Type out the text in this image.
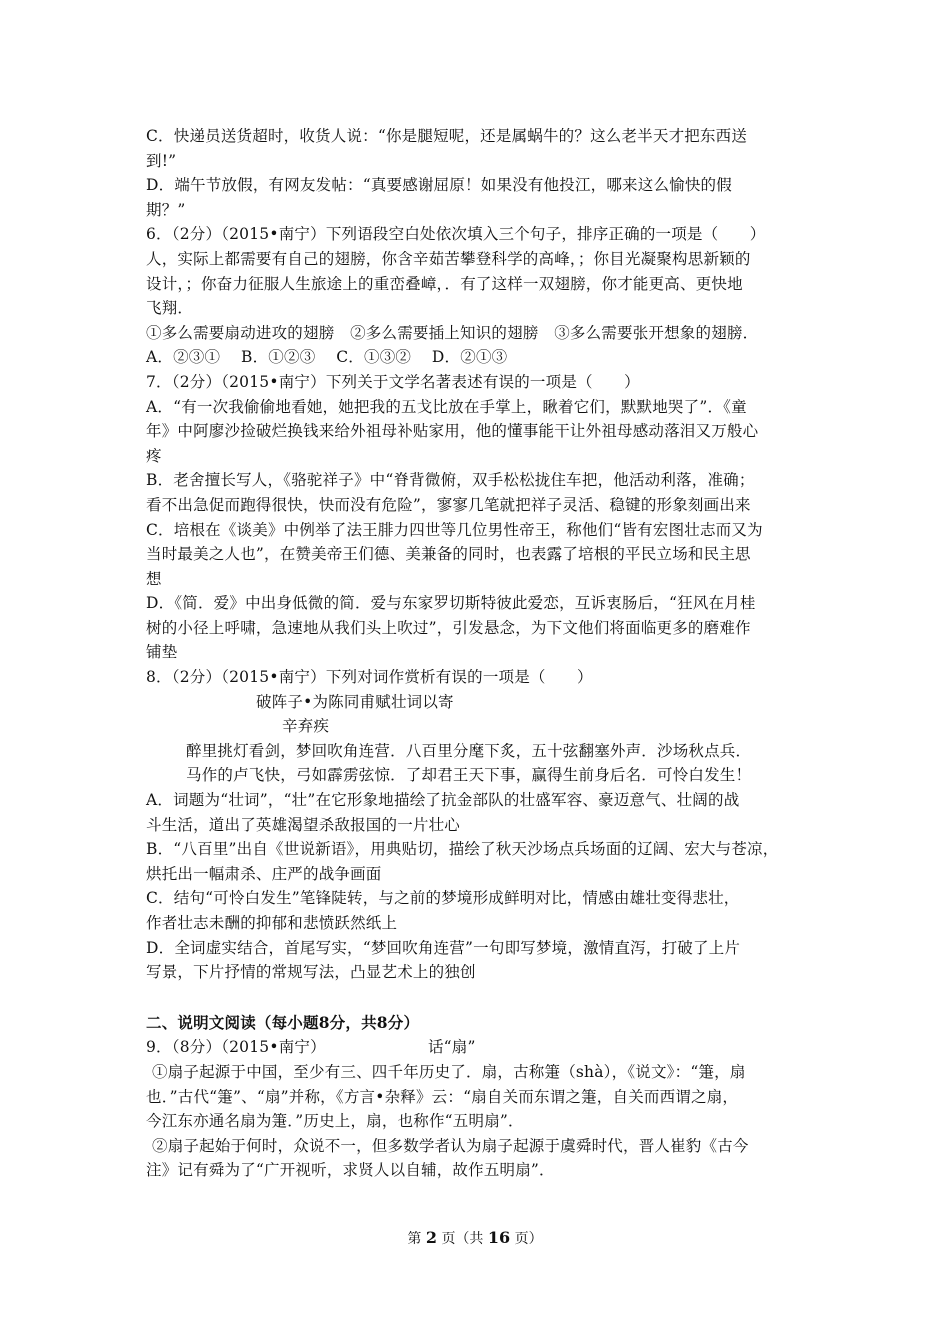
C．快递员送货超时，收货人说：“你是腿短呢，还是属蜗牛的？这么老半天才把东西送
到!”
D．端午节放假，有网友发帖：“真要感谢屈原！如果没有他投江，哪来这么愉快的假
期？”
6．（2分）（2015•南宁）下列语段空白处依次填入三个句子，排序正确的一项是（　　）
人，实际上都需要有自己的翅膀，你含辛茹苦攀登科学的高峰，；你目光凝聚构思新颖的
设计，；你奋力征服人生旅途上的重峦叠嶂，．有了这样一双翅膀，你才能更高、更快地
飞翔．
①多么需要扇动进攻的翅膀　②多么需要插上知识的翅膀　③多么需要张开想象的翅膀．
A．②③①　 B．①②③　 C．①③②　 D．②①③
7．（2分）（2015•南宁）下列关于文学名著表述有误的一项是（　　）
A．“有一次我偷偷地看她，她把我的五戈比放在手掌上，瞅着它们，默默地哭了”．《童
年》中阿廖沙捡破烂换钱来给外祖母补贴家用，他的懂事能干让外祖母感动落泪又万般心
疼
B．老舍擅长写人，《骆驼祥子》中“脊背微俯，双手松松拢住车把，他活动利落，准确；
看不出急促而跑得很快，快而没有危险”，寥寥几笔就把祥子灵活、稳键的形象刻画出来
C．培根在《谈美》中例举了法王腓力四世等几位男性帝王，称他们“皆有宏图壮志而又为
当时最美之人也”，在赞美帝王们德、美兼备的同时，也表露了培根的平民立场和民主思
想
D．《简．爱》中出身低微的简．爱与东家罗切斯特彼此爱恋，互诉衷肠后，“狂风在月桂
树的小径上呼啸，急速地从我们头上吹过”，引发悬念，为下文他们将面临更多的磨难作
铺垫
8．（2分）（2015•南宁）下列对词作赏析有误的一项是（　　）
破阵子•为陈同甫赋壮词以寄
辛弃疾
醉里挑灯看剑，梦回吹角连营．八百里分麾下炙，五十弦翻塞外声．沙场秋点兵．
马作的卢飞快，弓如霹雳弦惊．了却君王天下事，赢得生前身后名．可怜白发生！
A．词题为“壮词”，“壮”在它形象地描绘了抗金部队的壮盛军容、豪迈意气、壮阔的战
斗生活，道出了英雄渴望杀敌报国的一片壮心
B．“八百里”出自《世说新语》，用典贴切，描绘了秋天沙场点兵场面的辽阔、宏大与苍凉，
烘托出一幅肃杀、庄严的战争画面
C．结句“可怜白发生”笔锋陡转，与之前的梦境形成鲜明对比，情感由雄壮变得悲壮，
作者壮志未酬的抑郁和悲愤跃然纸上
D．全词虚实结合，首尾写实，“梦回吹角连营”一句即写梦境，激情直泻，打破了上片
写景，下片抒情的常规写法，凸显艺术上的独创
二、说明文阅读（每小题8分，共8分）
9．（8分）（2015•南宁）　　　　　　　话“扇”
①扇子起源于中国，至少有三、四千年历史了．扇，古称箑（shà），《说文》：“箑，扇
也．”古代“箑”、“扇”并称，《方言•杂释》云：“扇自关而东谓之箑，自关而西谓之扇，
今江东亦通名扇为箑．”历史上，扇，也称作“五明扇”．
②扇子起始于何时，众说不一，但多数学者认为扇子起源于虞舜时代，晋人崔豹《古今
注》记有舜为了“广开视听，求贤人以自辅，故作五明扇”．
第 2 页（共 16 页）
